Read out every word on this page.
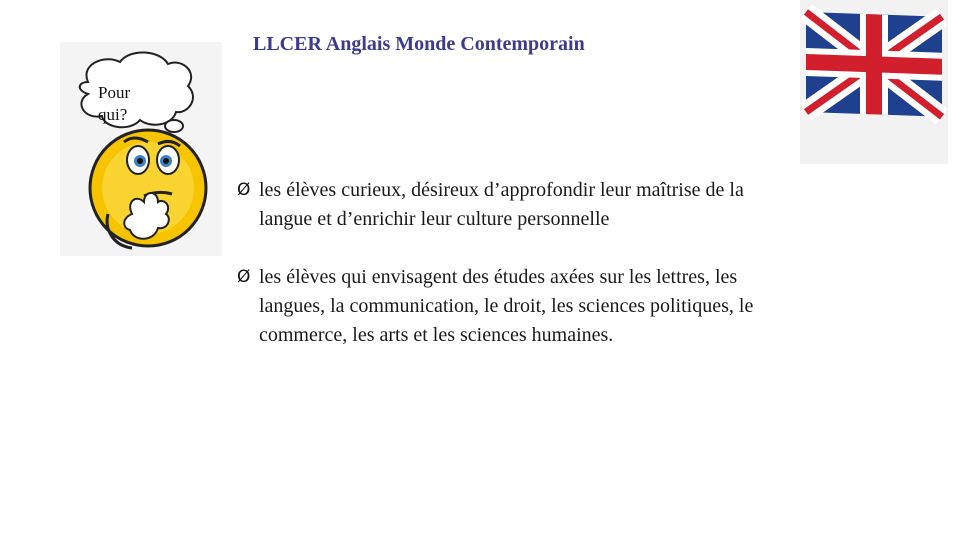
LLCER Anglais Monde Contemporain
Pour qui?
Ø les élèves curieux, désireux d’approfondir leur maîtrise de la langue et d’enrichir leur culture personnelle
Ø les élèves qui envisagent des études axées sur les lettres, les langues, la communication, le droit, les sciences politiques, le commerce, les arts et les sciences humaines.
